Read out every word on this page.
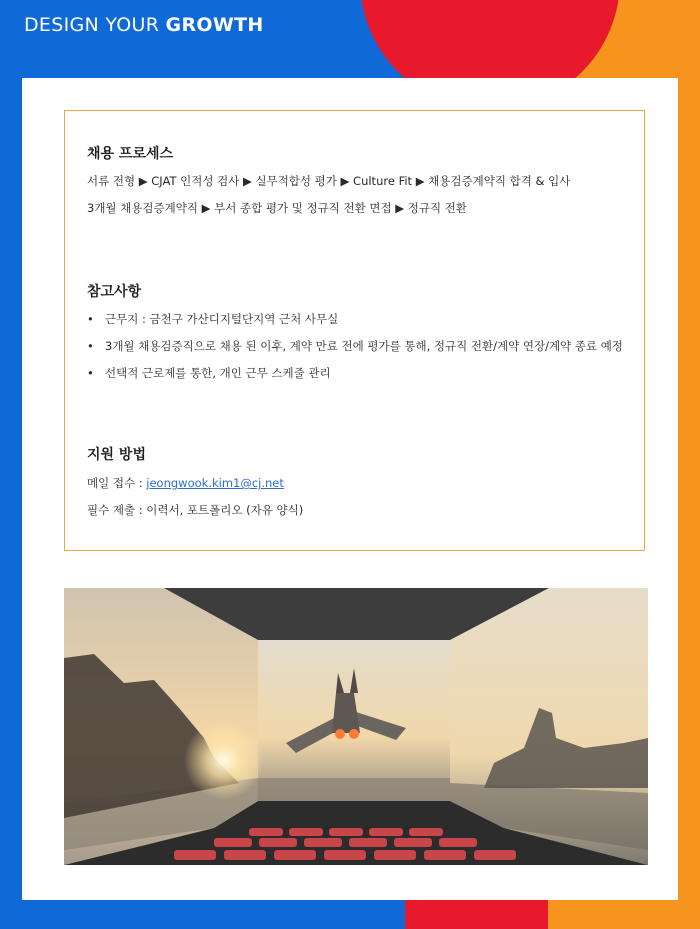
DESIGN YOUR GROWTH
채용 프로세스
서류 전형 ▶ CJAT 인적성 검사 ▶ 실무적합성 평가 ▶ Culture Fit ▶ 채용검증계약직 합격 & 입사
3개월 채용검증계약직 ▶ 부서 종합 평가 및 정규직 전환 면접 ▶ 정규직 전환
참고사항
• 근무지 : 금천구 가산디지털단지역 근처 사무실
• 3개월 채용검증직으로 채용 된 이후, 계약 만료 전에 평가를 통해, 정규직 전환/계약 연장/계약 종료 예정
• 선택적 근로제를 통한, 개인 근무 스케줄 관리
지원 방법
메일 접수 : jeongwook.kim1@cj.net
필수 제출 : 이력서, 포트폴리오 (자유 양식)
